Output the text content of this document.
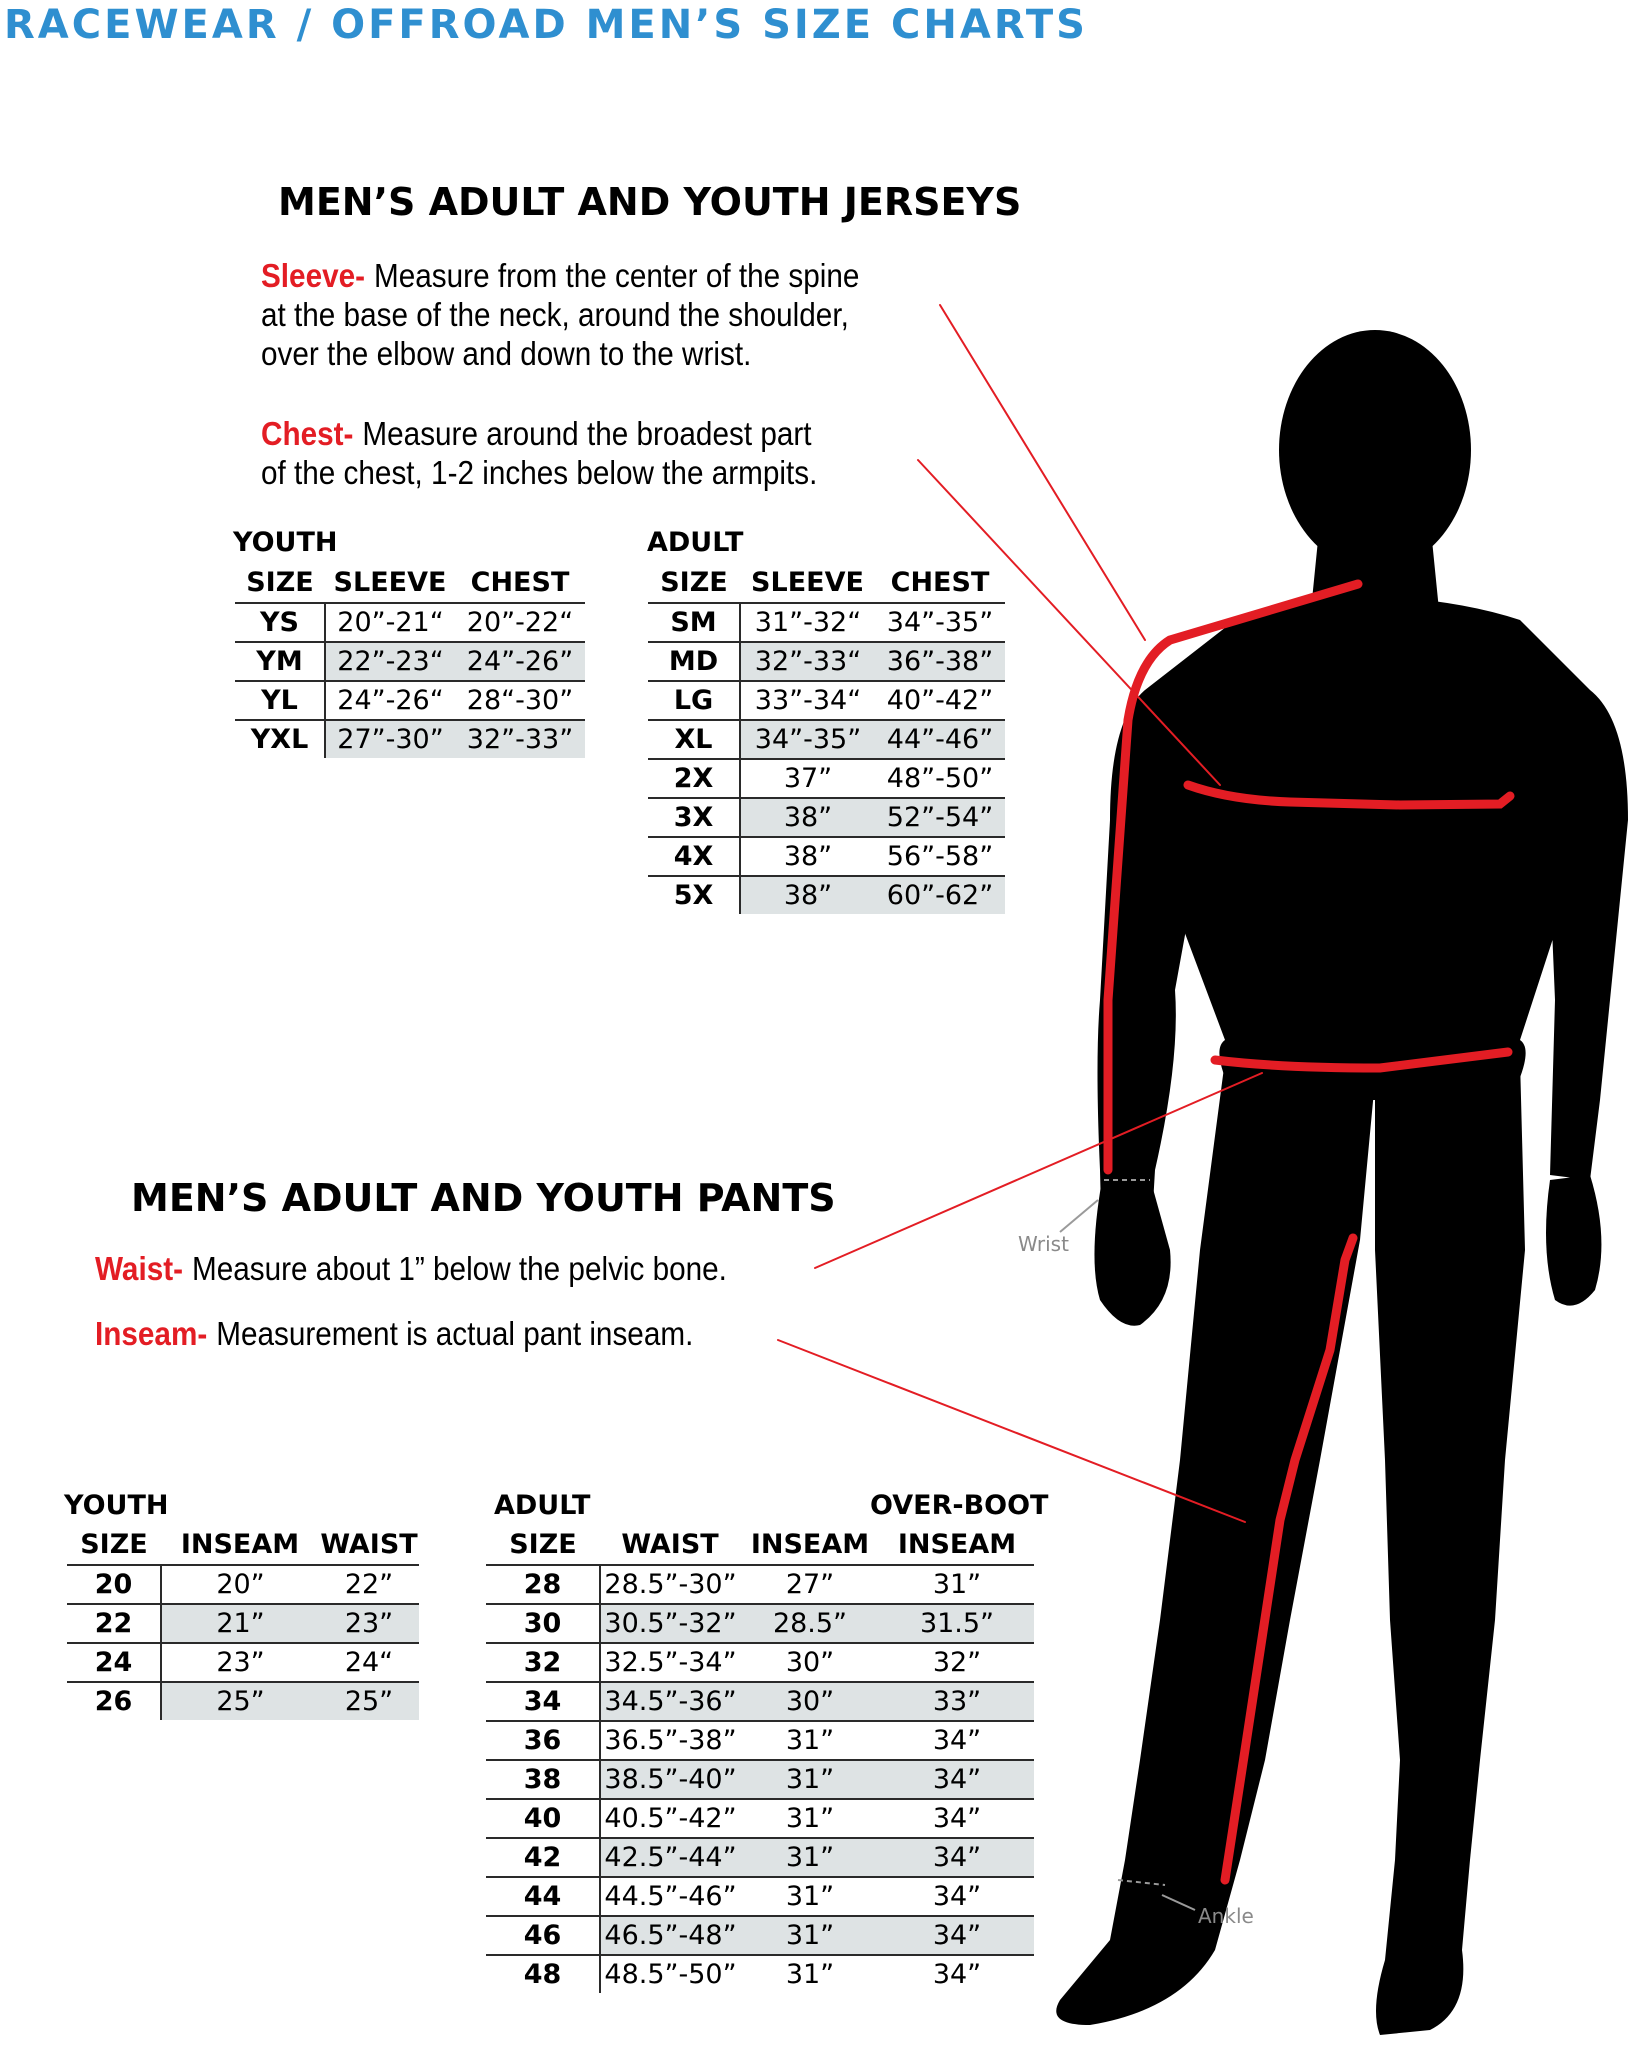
Wrist
Ankle
RACEWEAR / OFFROAD MEN’S SIZE CHARTS
MEN’S ADULT AND YOUTH JERSEYS
Sleeve- Measure from the center of the spine
at the base of the neck, around the shoulder,
over the elbow and down to the wrist.
Chest- Measure around the broadest part
of the chest, 1-2 inches below the armpits.
YOUTH
SIZE	SLEEVE	CHEST
YS	20”-21“	20”-22“
YM	22”-23“	24”-26”
YL	24”-26“	28“-30”
YXL	27”-30”	32”-33”
ADULT
SIZE	SLEEVE	CHEST
SM	31”-32“	34”-35”
MD	32”-33“	36”-38”
LG	33”-34“	40”-42”
XL	34”-35”	44”-46”
2X	37”	48”-50”
3X	38”	52”-54”
4X	38”	56”-58”
5X	38”	60”-62”
MEN’S ADULT AND YOUTH PANTS
Waist- Measure about 1” below the pelvic bone.
Inseam- Measurement is actual pant inseam.
YOUTH
SIZE	INSEAM	WAIST
20	20”	22”
22	21”	23”
24	23”	24“
26	25”	25”
ADULT	OVER-BOOT
SIZE	WAIST	INSEAM	INSEAM
28	28.5”-30”	27”	31”
30	30.5”-32”	28.5”	31.5”
32	32.5”-34”	30”	32”
34	34.5”-36”	30”	33”
36	36.5”-38”	31”	34”
38	38.5”-40”	31”	34”
40	40.5”-42”	31”	34”
42	42.5”-44”	31”	34”
44	44.5”-46”	31”	34”
46	46.5”-48”	31”	34”
48	48.5”-50”	31”	34”
